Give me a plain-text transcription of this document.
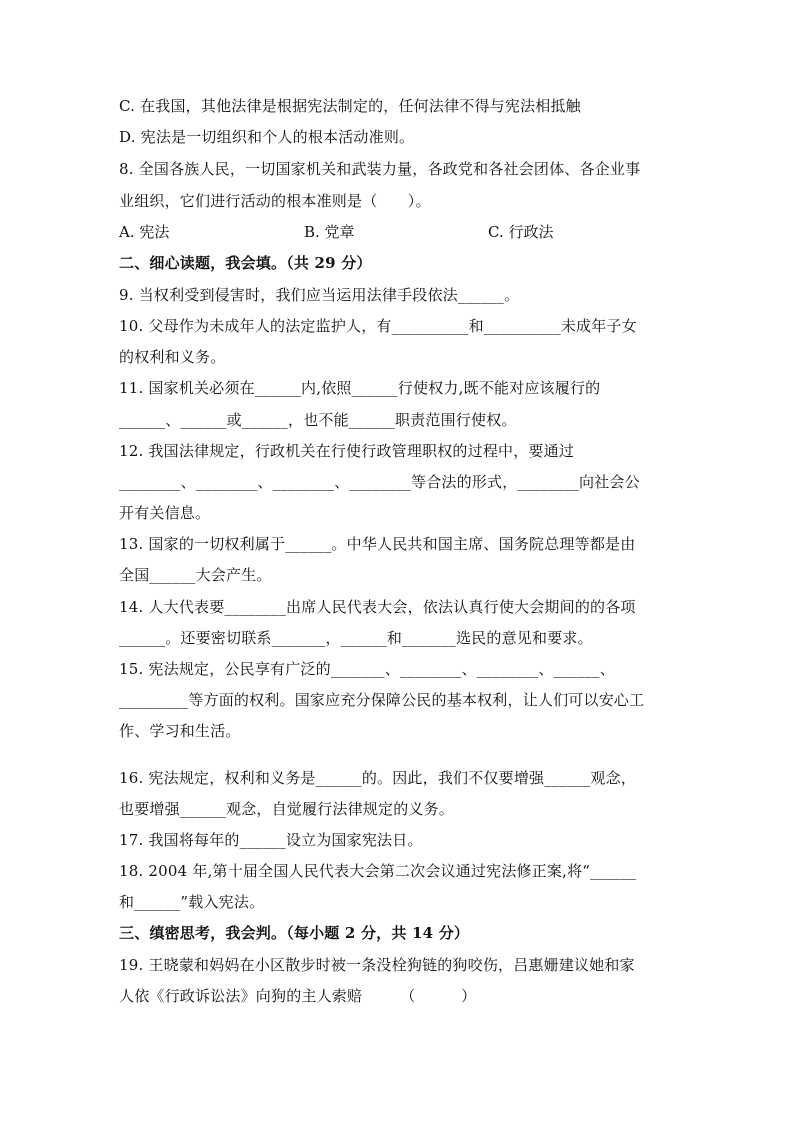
C. 在我国，其他法律是根据宪法制定的，任何法律不得与宪法相抵触
D. 宪法是一切组织和个人的根本活动准则。
8. 全国各族人民，一切国家机关和武装力量，各政党和各社会团体、各企业事
业组织，它们进行活动的根本准则是（　　）。
A. 宪法	B. 党章	C. 行政法
二、细心读题，我会填。（共 29 分）
9. 当权利受到侵害时，我们应当运用法律手段依法______。
10. 父母作为未成年人的法定监护人，有__________和__________未成年子女
的权利和义务。
11. 国家机关必须在______内,依照______行使权力,既不能对应该履行的
______、______或______，也不能______职责范围行使权。
12. 我国法律规定，行政机关在行使行政管理职权的过程中，要通过
________、________、________、________等合法的形式，________向社会公
开有关信息。
13. 国家的一切权利属于______。中华人民共和国主席、国务院总理等都是由
全国______大会产生。
14. 人大代表要________出席人民代表大会，依法认真行使大会期间的的各项
______。还要密切联系_______，______和_______选民的意见和要求。
15. 宪法规定，公民享有广泛的_______、________、________、______、
_________等方面的权利。国家应充分保障公民的基本权利，让人们可以安心工
作、学习和生活。
16. 宪法规定，权利和义务是______的。因此，我们不仅要增强______观念，
也要增强______观念，自觉履行法律规定的义务。
17. 我国将每年的______设立为国家宪法日。
18. 2004 年,第十届全国人民代表大会第二次会议通过宪法修正案,将“______
和______”载入宪法。
三、缜密思考，我会判。（每小题 2 分，共 14 分）
19. 王晓蒙和妈妈在小区散步时被一条没栓狗链的狗咬伤，吕惠姗建议她和家
人依《行政诉讼法》向狗的主人索赔　　　（　　　）
